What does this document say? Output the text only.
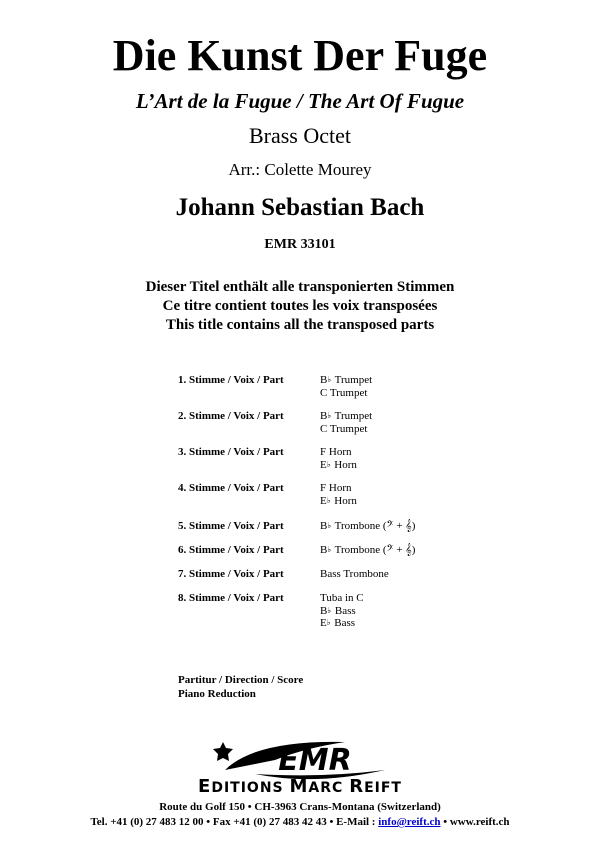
Die Kunst Der Fuge
L’Art de la Fugue / The Art Of Fugue
Brass Octet
Arr.: Colette Mourey
Johann Sebastian Bach
EMR 33101
Dieser Titel enthält alle transponierten Stimmen
Ce titre contient toutes les voix transposées
This title contains all the transposed parts
1. Stimme / Voix / Part	B♭ Trumpet
C Trumpet
2. Stimme / Voix / Part	B♭ Trumpet
C Trumpet
3. Stimme / Voix / Part	F Horn
E♭ Horn
4. Stimme / Voix / Part	F Horn
E♭ Horn
5. Stimme / Voix / Part	B♭ Trombone (𝄢 + 𝄞)
6. Stimme / Voix / Part	B♭ Trombone (𝄢 + 𝄞)
7. Stimme / Voix / Part	Bass Trombone
8. Stimme / Voix / Part	Tuba in C
B♭ Bass
E♭ Bass
Partitur / Direction / Score
Piano Reduction
EMR
EDITIONS MARC REIFT
Route du Golf 150 • CH-3963 Crans-Montana (Switzerland)
Tel. +41 (0) 27 483 12 00 • Fax +41 (0) 27 483 42 43 • E-Mail : info@reift.ch • www.reift.ch
